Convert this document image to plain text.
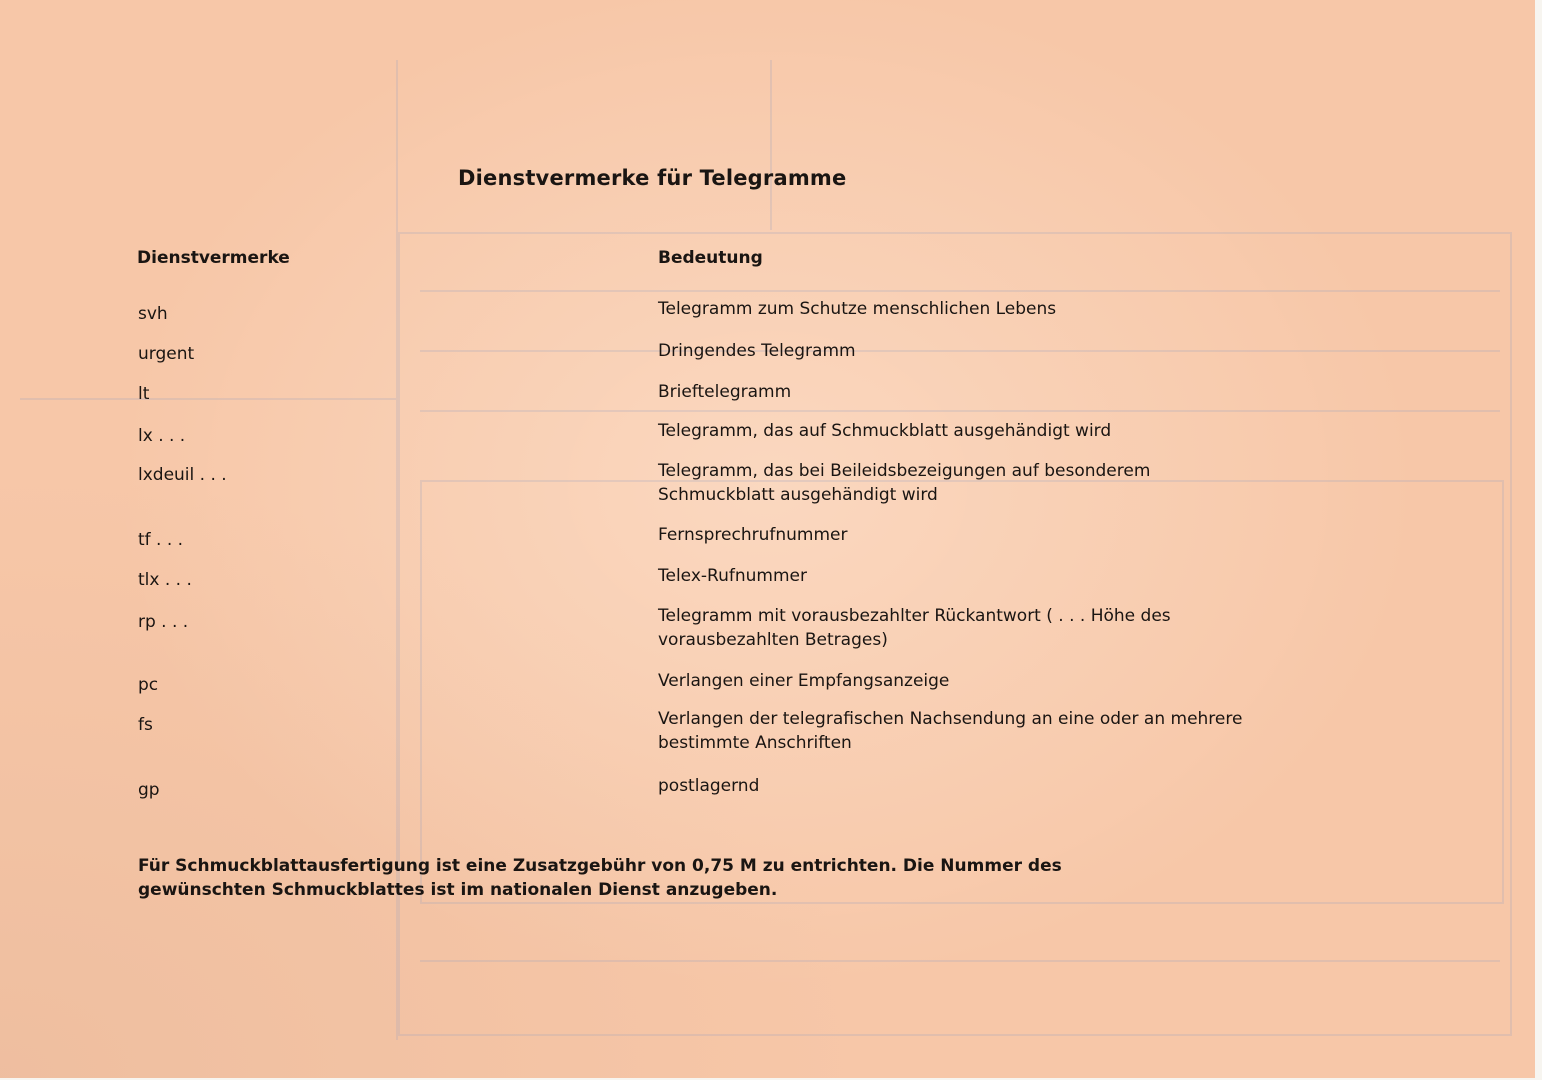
Dienstvermerke für Telegramme
Dienstvermerke	Bedeutung
svh	Telegramm zum Schutze menschlichen Lebens
urgent	Dringendes Telegramm
lt	Brieftelegramm
lx . . .	Telegramm, das auf Schmuckblatt ausgehändigt wird
lxdeuil . . .	Telegramm, das bei Beileidsbezeigungen auf besonderem Schmuckblatt ausgehändigt wird
tf . . .	Fernsprechrufnummer
tlx . . .	Telex-Rufnummer
rp . . .	Telegramm mit vorausbezahlter Rückantwort ( . . . Höhe des vorausbezahlten Betrages)
pc	Verlangen einer Empfangsanzeige
fs	Verlangen der telegrafischen Nachsendung an eine oder an mehrere bestimmte Anschriften
gp	postlagernd
Für Schmuckblattausfertigung ist eine Zusatzgebühr von 0,75 M zu entrichten. Die Nummer des gewünschten Schmuckblattes ist im nationalen Dienst anzugeben.
